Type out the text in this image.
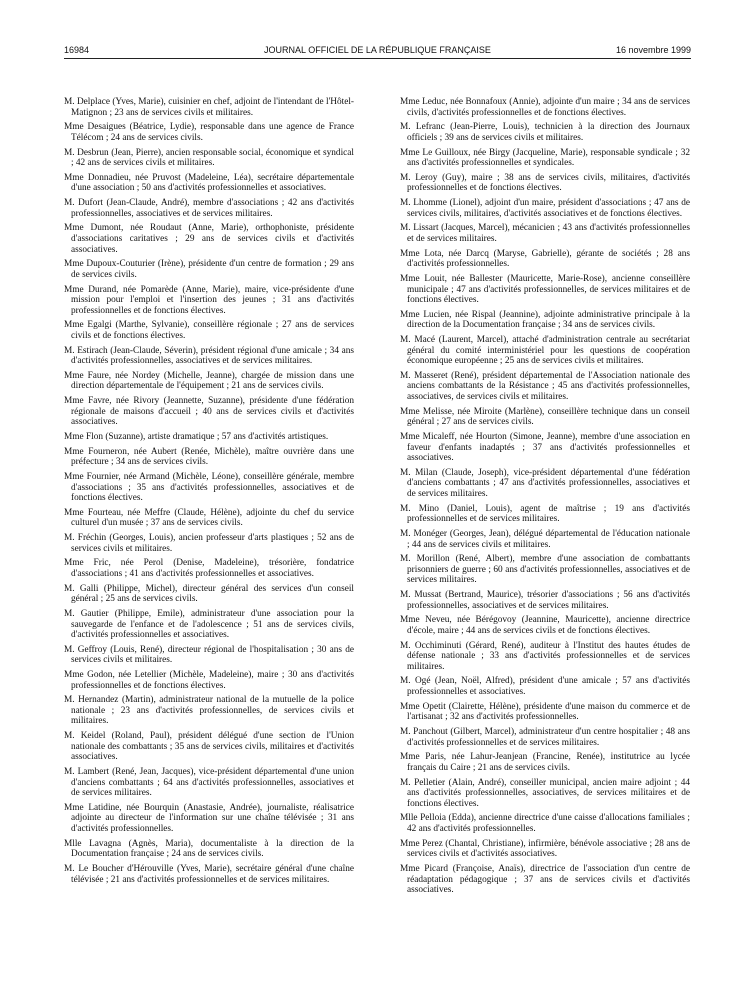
16984	JOURNAL OFFICIEL DE LA RÉPUBLIQUE FRANÇAISE	16 novembre 1999

M. Delplace (Yves, Marie), cuisinier en chef, adjoint de l'intendant de l'Hôtel-Matignon ; 23 ans de services civils et militaires.

Mme Desaigues (Béatrice, Lydie), responsable dans une agence de France Télécom ; 24 ans de services civils.

M. Desbrun (Jean, Pierre), ancien responsable social, économique et syndical ; 42 ans de services civils et militaires.

Mme Donnadieu, née Pruvost (Madeleine, Léa), secrétaire départementale d'une association ; 50 ans d'activités professionnelles et associatives.

M. Dufort (Jean-Claude, André), membre d'associations ; 42 ans d'activités professionnelles, associatives et de services militaires.

Mme Dumont, née Roudaut (Anne, Marie), orthophoniste, présidente d'associations caritatives ; 29 ans de services civils et d'activités associatives.

Mme Dupoux-Couturier (Irène), présidente d'un centre de formation ; 29 ans de services civils.

Mme Durand, née Pomarède (Anne, Marie), maire, vice-présidente d'une mission pour l'emploi et l'insertion des jeunes ; 31 ans d'activités professionnelles et de fonctions électives.

Mme Egalgi (Marthe, Sylvanie), conseillère régionale ; 27 ans de services civils et de fonctions électives.

M. Estirach (Jean-Claude, Séverin), président régional d'une amicale ; 34 ans d'activités professionnelles, associatives et de services militaires.

Mme Faure, née Nordey (Michelle, Jeanne), chargée de mission dans une direction départementale de l'équipement ; 21 ans de services civils.

Mme Favre, née Rivory (Jeannette, Suzanne), présidente d'une fédération régionale de maisons d'accueil ; 40 ans de services civils et d'activités associatives.

Mme Flon (Suzanne), artiste dramatique ; 57 ans d'activités artistiques.

Mme Fourneron, née Aubert (Renée, Michèle), maître ouvrière dans une préfecture ; 34 ans de services civils.

Mme Fournier, née Armand (Michèle, Léone), conseillère générale, membre d'associations ; 35 ans d'activités professionnelles, associatives et de fonctions électives.

Mme Fourteau, née Meffre (Claude, Hélène), adjointe du chef du service culturel d'un musée ; 37 ans de services civils.

M. Fréchin (Georges, Louis), ancien professeur d'arts plastiques ; 52 ans de services civils et militaires.

Mme Fric, née Perol (Denise, Madeleine), trésorière, fondatrice d'associations ; 41 ans d'activités professionnelles et associatives.

M. Galli (Philippe, Michel), directeur général des services d'un conseil général ; 25 ans de services civils.

M. Gautier (Philippe, Emile), administrateur d'une association pour la sauvegarde de l'enfance et de l'adolescence ; 51 ans de services civils, d'activités professionnelles et associatives.

M. Geffroy (Louis, René), directeur régional de l'hospitalisation ; 30 ans de services civils et militaires.

Mme Godon, née Letellier (Michèle, Madeleine), maire ; 30 ans d'activités professionnelles et de fonctions électives.

M. Hernandez (Martin), administrateur national de la mutuelle de la police nationale ; 23 ans d'activités professionnelles, de services civils et militaires.

M. Keidel (Roland, Paul), président délégué d'une section de l'Union nationale des combattants ; 35 ans de services civils, militaires et d'activités associatives.

M. Lambert (René, Jean, Jacques), vice-président départemental d'une union d'anciens combattants ; 64 ans d'activités professionnelles, associatives et de services militaires.

Mme Latidine, née Bourquin (Anastasie, Andrée), journaliste, réalisatrice adjointe au directeur de l'information sur une chaîne télévisée ; 31 ans d'activités professionnelles.

Mlle Lavagna (Agnès, Maria), documentaliste à la direction de la Documentation française ; 24 ans de services civils.

M. Le Boucher d'Hérouville (Yves, Marie), secrétaire général d'une chaîne télévisée ; 21 ans d'activités professionnelles et de services militaires.

Mme Leduc, née Bonnafoux (Annie), adjointe d'un maire ; 34 ans de services civils, d'activités professionnelles et de fonctions électives.

M. Lefranc (Jean-Pierre, Louis), technicien à la direction des Journaux officiels ; 39 ans de services civils et militaires.

Mme Le Guilloux, née Birgy (Jacqueline, Marie), responsable syndicale ; 32 ans d'activités professionnelles et syndicales.

M. Leroy (Guy), maire ; 38 ans de services civils, militaires, d'activités professionnelles et de fonctions électives.

M. Lhomme (Lionel), adjoint d'un maire, président d'associations ; 47 ans de services civils, militaires, d'activités associatives et de fonctions électives.

M. Lissart (Jacques, Marcel), mécanicien ; 43 ans d'activités professionnelles et de services militaires.

Mme Lota, née Darcq (Maryse, Gabrielle), gérante de sociétés ; 28 ans d'activités professionnelles.

Mme Louit, née Ballester (Mauricette, Marie-Rose), ancienne conseillère municipale ; 47 ans d'activités professionnelles, de services militaires et de fonctions électives.

Mme Lucien, née Rispal (Jeannine), adjointe administrative principale à la direction de la Documentation française ; 34 ans de services civils.

M. Macé (Laurent, Marcel), attaché d'administration centrale au secrétariat général du comité interministériel pour les questions de coopération économique européenne ; 25 ans de services civils et militaires.

M. Masseret (René), président départemental de l'Association nationale des anciens combattants de la Résistance ; 45 ans d'activités professionnelles, associatives, de services civils et militaires.

Mme Melisse, née Miroite (Marlène), conseillère technique dans un conseil général ; 27 ans de services civils.

Mme Micaleff, née Hourton (Simone, Jeanne), membre d'une association en faveur d'enfants inadaptés ; 37 ans d'activités professionnelles et associatives.

M. Milan (Claude, Joseph), vice-président départemental d'une fédération d'anciens combattants ; 47 ans d'activités professionnelles, associatives et de services militaires.

M. Mino (Daniel, Louis), agent de maîtrise ; 19 ans d'activités professionnelles et de services militaires.

M. Monéger (Georges, Jean), délégué départemental de l'éducation nationale ; 44 ans de services civils et militaires.

M. Morillon (René, Albert), membre d'une association de combattants prisonniers de guerre ; 60 ans d'activités professionnelles, associatives et de services militaires.

M. Mussat (Bertrand, Maurice), trésorier d'associations ; 56 ans d'activités professionnelles, associatives et de services militaires.

Mme Neveu, née Bérégovoy (Jeannine, Mauricette), ancienne directrice d'école, maire ; 44 ans de services civils et de fonctions électives.

M. Occhiminuti (Gérard, René), auditeur à l'Institut des hautes études de défense nationale ; 33 ans d'activités professionnelles et de services militaires.

M. Ogé (Jean, Noël, Alfred), président d'une amicale ; 57 ans d'activités professionnelles et associatives.

Mme Opetit (Clairette, Hélène), présidente d'une maison du commerce et de l'artisanat ; 32 ans d'activités professionnelles.

M. Panchout (Gilbert, Marcel), administrateur d'un centre hospitalier ; 48 ans d'activités professionnelles et de services militaires.

Mme Paris, née Lahur-Jeanjean (Francine, Renée), institutrice au lycée français du Caire ; 21 ans de services civils.

M. Pelletier (Alain, André), conseiller municipal, ancien maire adjoint ; 44 ans d'activités professionnelles, associatives, de services militaires et de fonctions électives.

Mlle Pelloia (Edda), ancienne directrice d'une caisse d'allocations familiales ; 42 ans d'activités professionnelles.

Mme Perez (Chantal, Christiane), infirmière, bénévole associative ; 28 ans de services civils et d'activités associatives.

Mme Picard (Françoise, Anaïs), directrice de l'association d'un centre de réadaptation pédagogique ; 37 ans de services civils et d'activités associatives.
